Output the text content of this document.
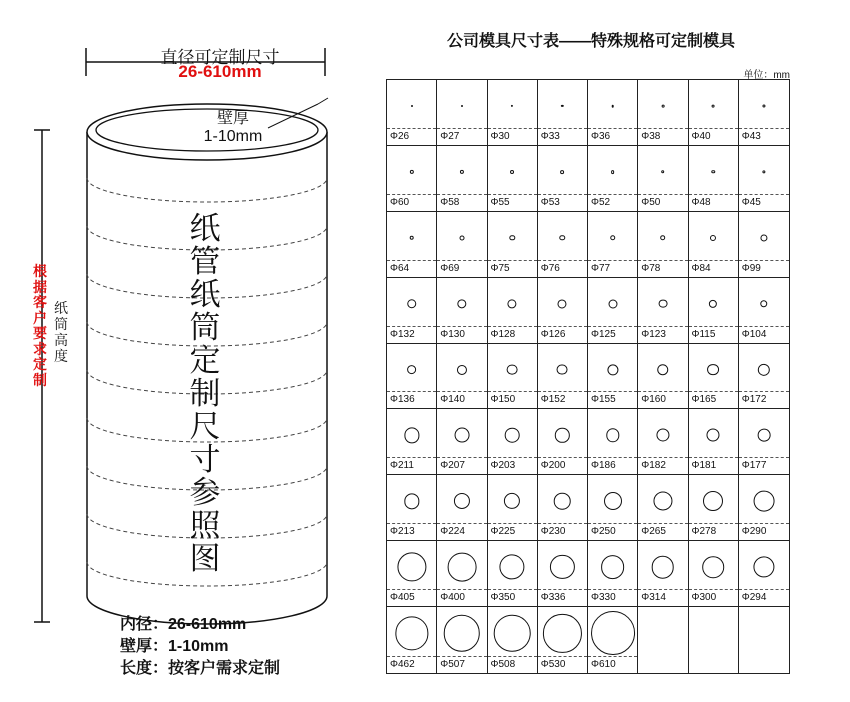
直径可定制尺寸
26-610mm
壁厚
1-10mm
纸管纸筒定制尺寸参照图
纸筒高度
根据客户要求定制
内径：26-610mm
壁厚：1-10mm
长度：按客户需求定制
公司模具尺寸表——特殊规格可定制模具
单位：mm
Φ26	Φ27	Φ30	Φ33	Φ36	Φ38	Φ40	Φ43
Φ60	Φ58	Φ55	Φ53	Φ52	Φ50	Φ48	Φ45
Φ64	Φ69	Φ75	Φ76	Φ77	Φ78	Φ84	Φ99
Φ132	Φ130	Φ128	Φ126	Φ125	Φ123	Φ115	Φ104
Φ136	Φ140	Φ150	Φ152	Φ155	Φ160	Φ165	Φ172
Φ211	Φ207	Φ203	Φ200	Φ186	Φ182	Φ181	Φ177
Φ213	Φ224	Φ225	Φ230	Φ250	Φ265	Φ278	Φ290
Φ405	Φ400	Φ350	Φ336	Φ330	Φ314	Φ300	Φ294
Φ462	Φ507	Φ508	Φ530	Φ610
